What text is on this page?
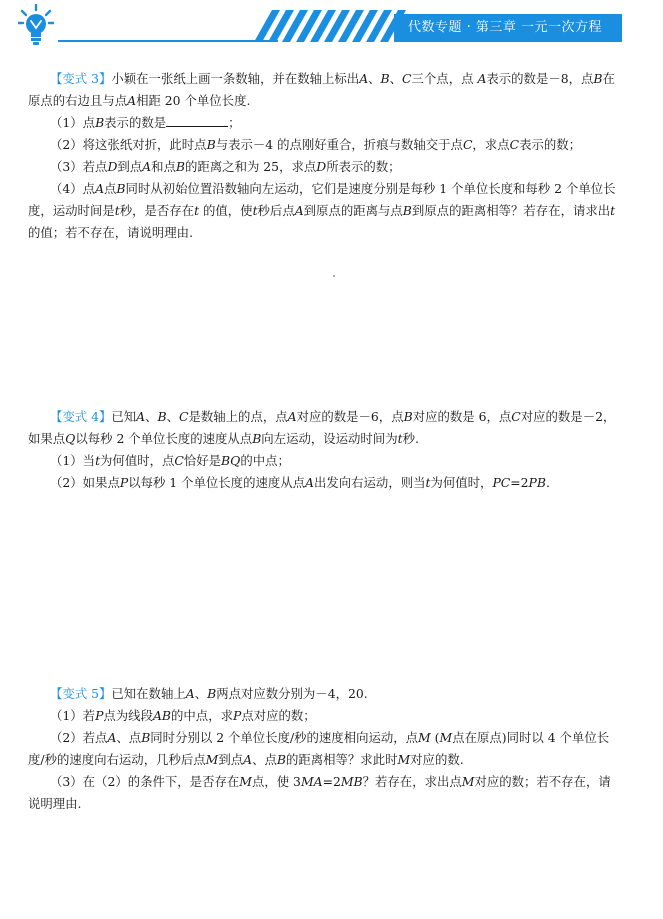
代数专题 · 第三章 一元一次方程

【变式 3】小颖在一张纸上画一条数轴，并在数轴上标出A、B、C三个点，点 A表示的数是－8，点B在原点的右边且与点A相距 20 个单位长度.

（1）点B表示的数是	；

（2）将这张纸对折，此时点B与表示－4 的点刚好重合，折痕与数轴交于点C，求点C表示的数；

（3）若点D到点A和点B的距离之和为 25，求点D所表示的数；

（4）点A点B同时从初始位置沿数轴向左运动，它们是速度分别是每秒 1 个单位长度和每秒 2 个单位长度，运动时间是t秒，是否存在t 的值，使t秒后点A到原点的距离与点B到原点的距离相等？若存在，请求出t的值；若不存在，请说明理由.

【变式 4】已知A、B、C是数轴上的点，点A对应的数是－6，点B对应的数是 6，点C对应的数是－2，如果点Q以每秒 2 个单位长度的速度从点B向左运动，设运动时间为t秒.

（1）当t为何值时，点C恰好是BQ的中点；

（2）如果点P以每秒 1 个单位长度的速度从点A出发向右运动，则当t为何值时，PC=2PB.

【变式 5】已知在数轴上A、B两点对应数分别为－4，20.

（1）若P点为线段AB的中点，求P点对应的数；

（2）若点A、点B同时分别以 2 个单位长度/秒的速度相向运动，点M (M点在原点)同时以 4 个单位长度/秒的速度向右运动，几秒后点M到点A、点B的距离相等？求此时M对应的数.

（3）在（2）的条件下，是否存在M点，使 3MA=2MB？若存在，求出点M对应的数；若不存在，请说明理由.
